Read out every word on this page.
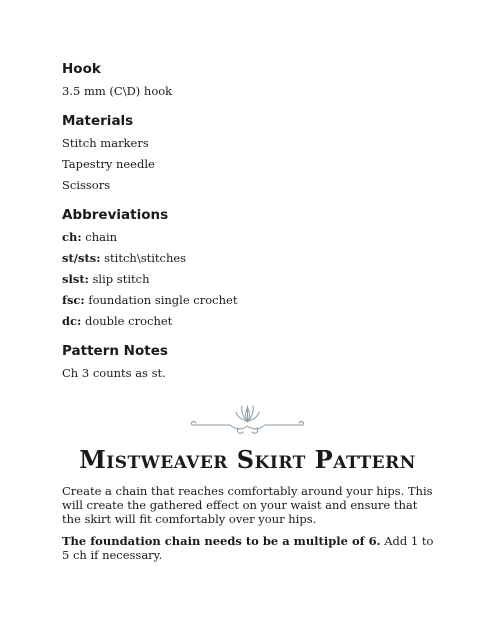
Hook

3.5 mm (C\D) hook

Materials

Stitch markers

Tapestry needle

Scissors

Abbreviations

ch: chain

st/sts: stitch\stitches

slst: slip stitch

fsc: foundation single crochet

dc: double crochet

Pattern Notes

Ch 3 counts as st.

Mistweaver Skirt Pattern

Create a chain that reaches comfortably around your hips. This will create the gathered effect on your waist and ensure that the skirt will fit comfortably over your hips.

The foundation chain needs to be a multiple of 6. Add 1 to 5 ch if necessary.
